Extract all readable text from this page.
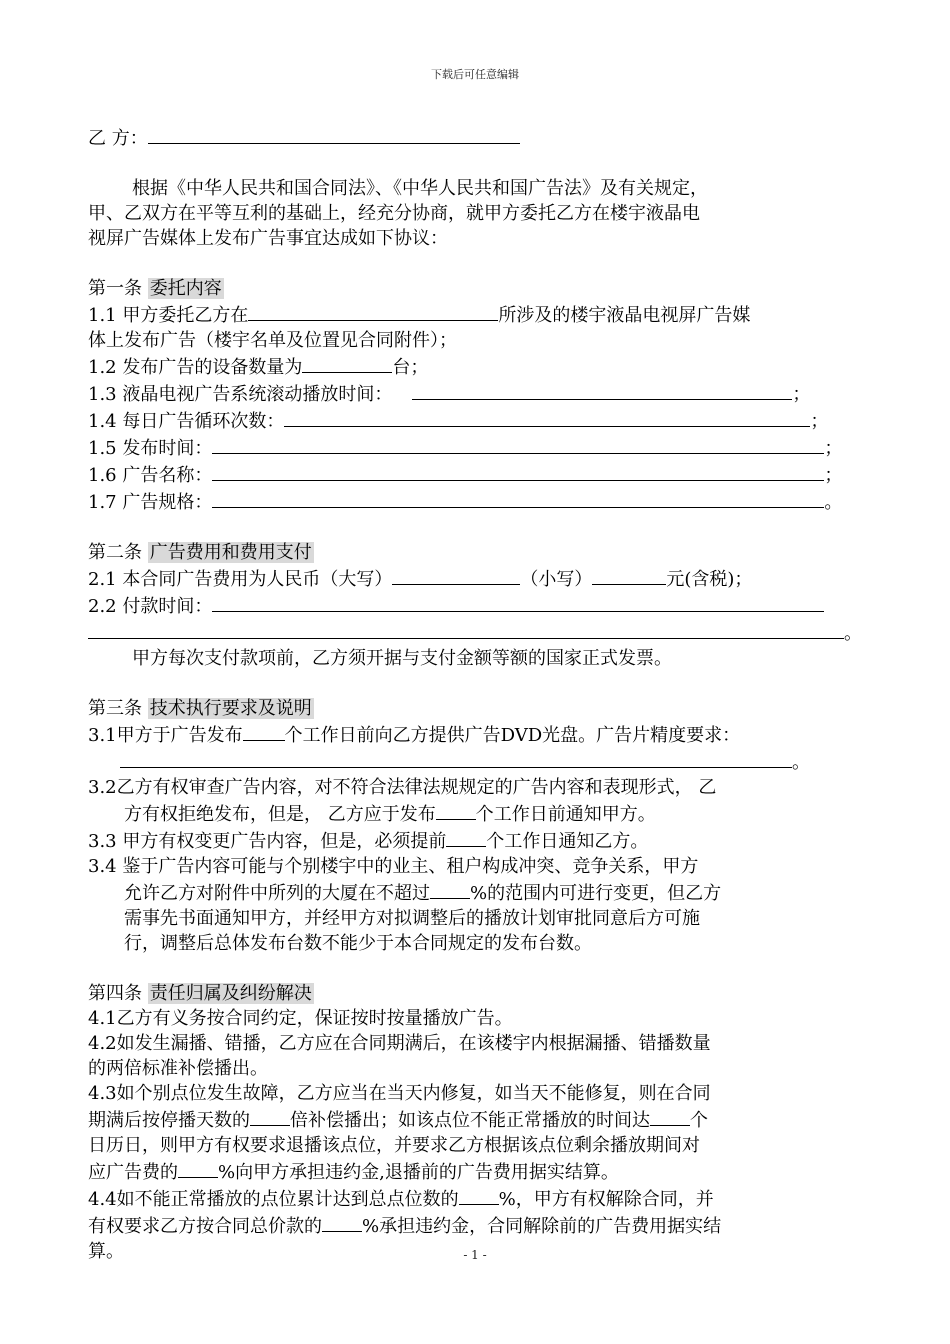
下载后可任意编辑
乙 方：
根据《中华人民共和国合同法》、《中华人民共和国广告法》及有关规定，
甲、乙双方在平等互利的基础上，经充分协商，就甲方委托乙方在楼宇液晶电
视屏广告媒体上发布广告事宜达成如下协议：
第一条 委托内容
1.1 甲方委托乙方在	所涉及的楼宇液晶电视屏广告媒
体上发布广告（楼宇名单及位置见合同附件）；
1.2 发布广告的设备数量为	台；
1.3 液晶电视广告系统滚动播放时间：	；
1.4 每日广告循环次数：	；
1.5 发布时间：	；
1.6 广告名称：	；
1.7 广告规格：	。
第二条 广告费用和费用支付
2.1 本合同广告费用为人民币（大写）	（小写）	元(含税)；
2.2 付款时间：
。
甲方每次支付款项前，乙方须开据与支付金额等额的国家正式发票。
第三条 技术执行要求及说明
3.1甲方于广告发布 个工作日前向乙方提供广告DVD光盘。广告片精度要求：
。
3.2乙方有权审查广告内容，对不符合法律法规规定的广告内容和表现形式， 乙
方有权拒绝发布，但是， 乙方应于发布 个工作日前通知甲方。
3.3 甲方有权变更广告内容，但是，必须提前 个工作日通知乙方。
3.4 鉴于广告内容可能与个别楼宇中的业主、租户构成冲突、竞争关系，甲方
允许乙方对附件中所列的大厦在不超过 %的范围内可进行变更，但乙方
需事先书面通知甲方，并经甲方对拟调整后的播放计划审批同意后方可施
行，调整后总体发布台数不能少于本合同规定的发布台数。
第四条 责任归属及纠纷解决
4.1乙方有义务按合同约定，保证按时按量播放广告。
4.2如发生漏播、错播，乙方应在合同期满后，在该楼宇内根据漏播、错播数量
的两倍标准补偿播出。
4.3如个别点位发生故障，乙方应当在当天内修复，如当天不能修复，则在合同
期满后按停播天数的 倍补偿播出；如该点位不能正常播放的时间达 个
日历日，则甲方有权要求退播该点位，并要求乙方根据该点位剩余播放期间对
应广告费的 %向甲方承担违约金,退播前的广告费用据实结算。
4.4如不能正常播放的点位累计达到总点位数的 %，甲方有权解除合同，并
有权要求乙方按合同总价款的 %承担违约金，合同解除前的广告费用据实结
算。	- 1 -
